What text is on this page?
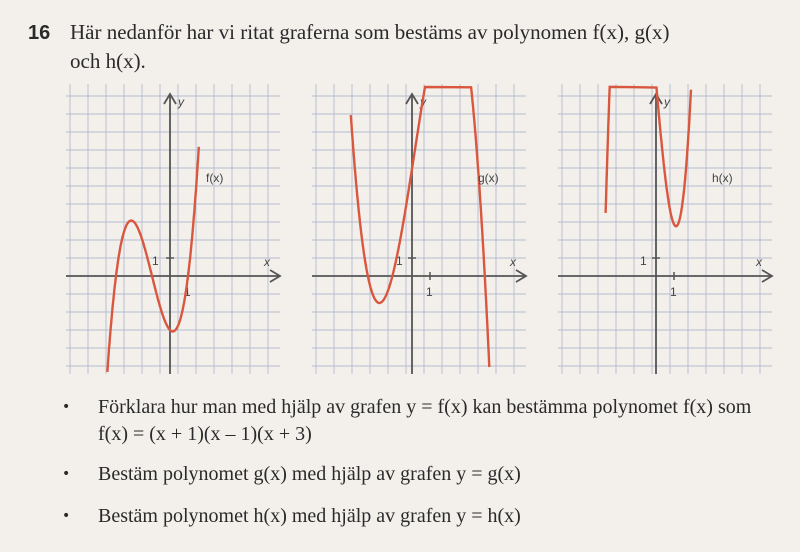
16 Här nedanför har vi ritat graferna som bestäms av polynomen f(x), g(x)
och h(x).
y
x
1
1
f(x)
y
x
1
1
g(x)
y
x
1
1
h(x)
• Förklara hur man med hjälp av grafen y = f(x) kan bestämma polynomet f(x) som f(x) = (x + 1)(x – 1)(x + 3)
• Bestäm polynomet g(x) med hjälp av grafen y = g(x)
• Bestäm polynomet h(x) med hjälp av grafen y = h(x)
